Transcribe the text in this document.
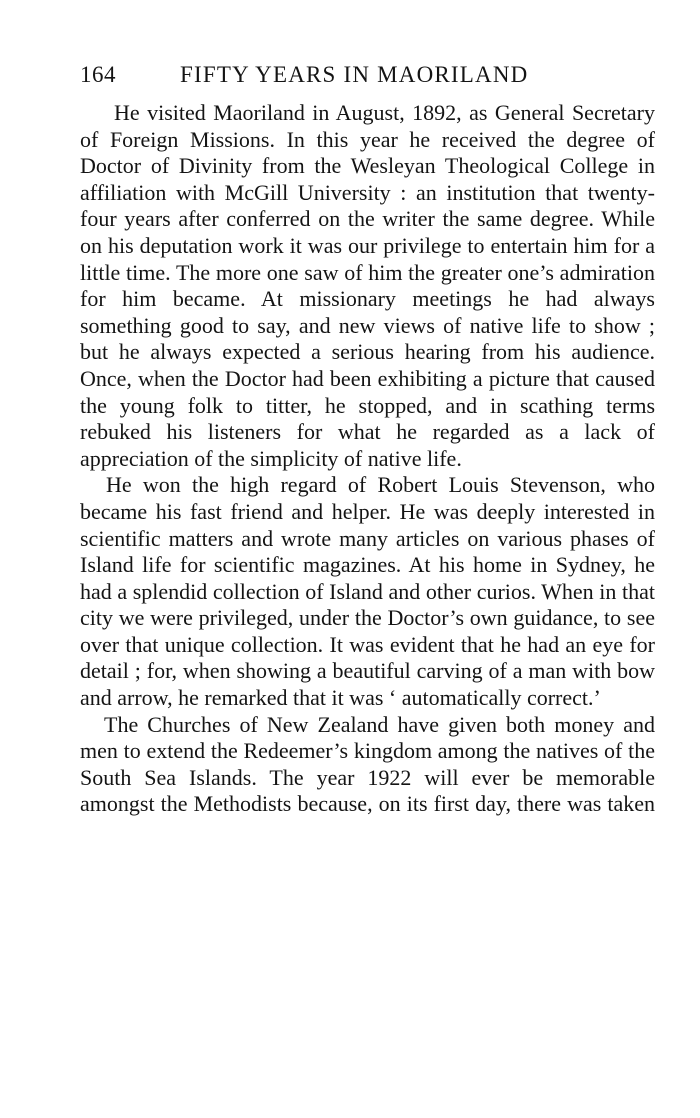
164	FIFTY YEARS IN MAORILAND

He visited Maoriland in August, 1892, as General Secretary of Foreign Missions. In this year he received the degree of Doctor of Divinity from the Wesleyan Theological College in affiliation with McGill University : an institution that twenty-four years after conferred on the writer the same degree. While on his deputation work it was our privilege to entertain him for a little time. The more one saw of him the greater one’s admiration for him became. At missionary meetings he had always something good to say, and new views of native life to show ; but he always expected a serious hearing from his audience. Once, when the Doctor had been exhibiting a picture that caused the young folk to titter, he stopped, and in scathing terms rebuked his listeners for what he regarded as a lack of appreciation of the simplicity of native life.

He won the high regard of Robert Louis Stevenson, who became his fast friend and helper. He was deeply interested in scientific matters and wrote many articles on various phases of Island life for scientific magazines. At his home in Sydney, he had a splendid collection of Island and other curios. When in that city we were privileged, under the Doctor’s own guidance, to see over that unique collection. It was evident that he had an eye for detail ; for, when showing a beautiful carving of a man with bow and arrow, he remarked that it was ‘ automatically correct.’

The Churches of New Zealand have given both money and men to extend the Redeemer’s kingdom among the natives of the South Sea Islands. The year 1922 will ever be memorable amongst the Methodists because, on its first day, there was taken
